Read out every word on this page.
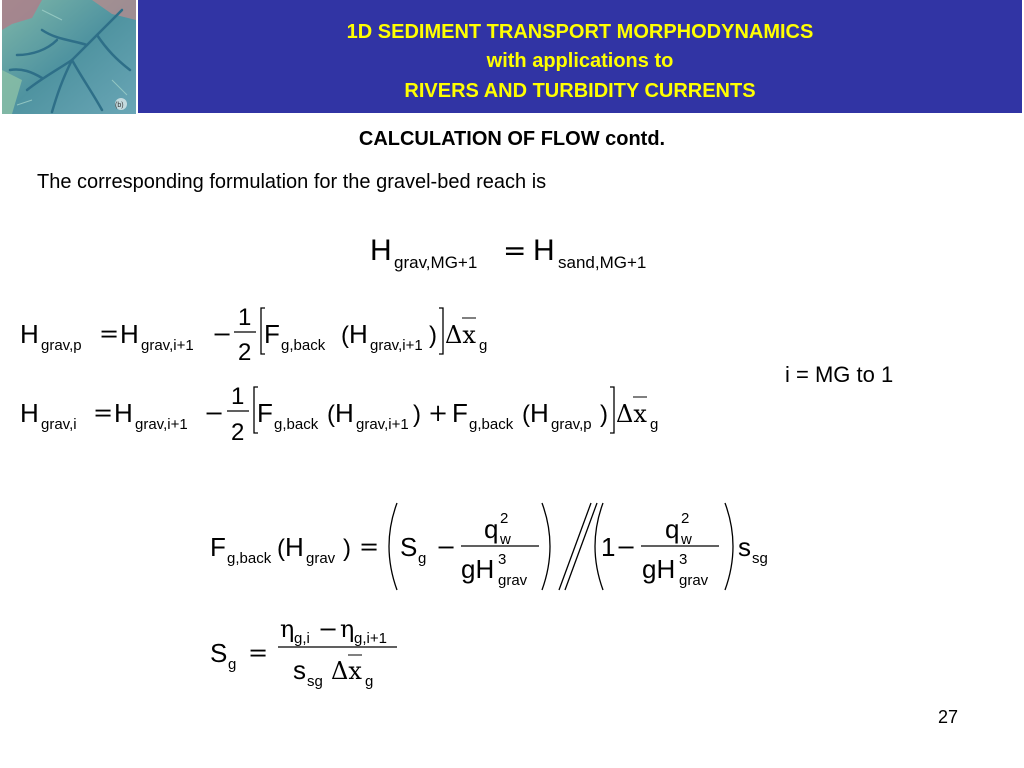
(b)
1D SEDIMENT TRANSPORT MORPHODYNAMICS
with applications to
RIVERS AND TURBIDITY CURRENTS
CALCULATION OF FLOW contd.
The corresponding formulation for the gravel-bed reach is
H grav,MG+1 = H sand,MG+1
H grav,p = H grav,i+1 −
1
2
F g,back ( H grav,i+1 ) Δx g
H grav,i = H grav,i+1 −
1
2
F g,back ( H grav,i+1 ) + F g,back ( H grav,p ) Δx g
i = MG to 1
F g,back ( H grav ) = S g −
q 2
w
gH 3
grav
1 −
q 2
w
gH 3
grav
s sg
S g =
η g,i − η g,i+1
s sg Δx g
27
